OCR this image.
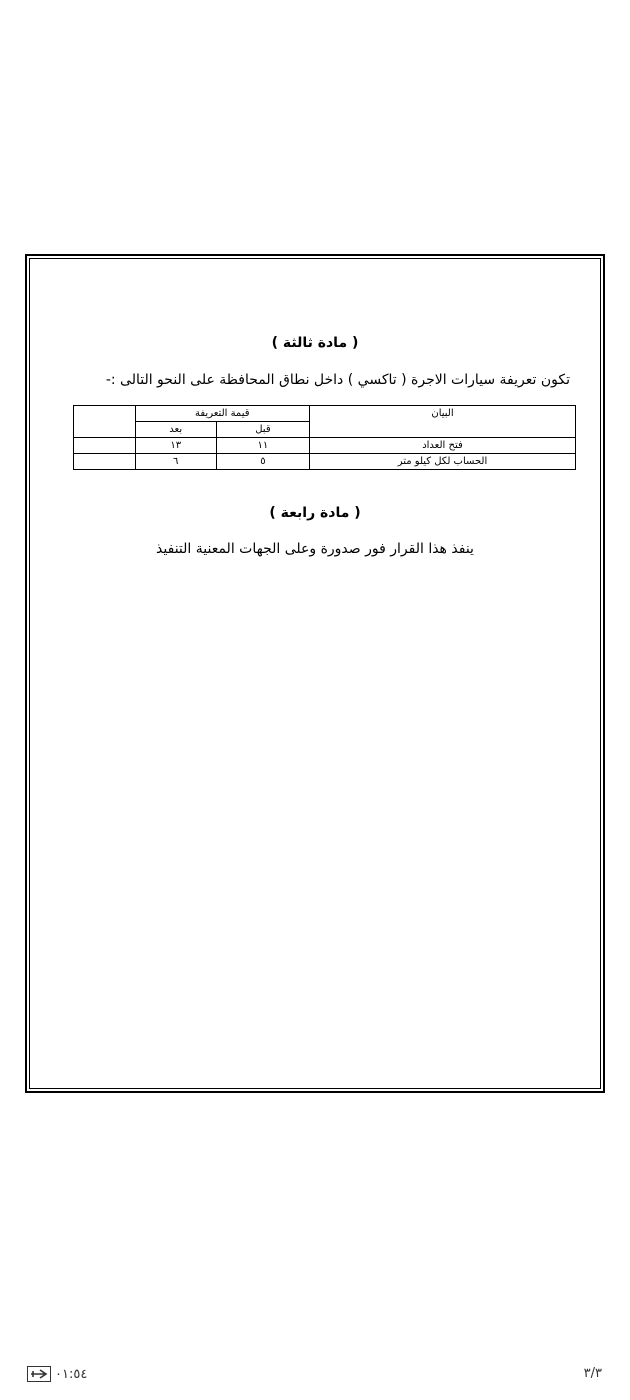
( مادة ثالثة )
تكون تعريفة سيارات الاجرة ( تاكسي ) داخل نطاق المحافظة على النحو التالى :-
البيان	قيمة التعريفة		
	قبل	بعد	
فتح العداد	١١	١٣	
الحساب لكل كيلو متر	٥	٦	
( مادة رابعة )
ينفذ هذا القرار فور صدورة وعلى الجهات المعنية التنفيذ
٠١:٥٤	٣/٣
